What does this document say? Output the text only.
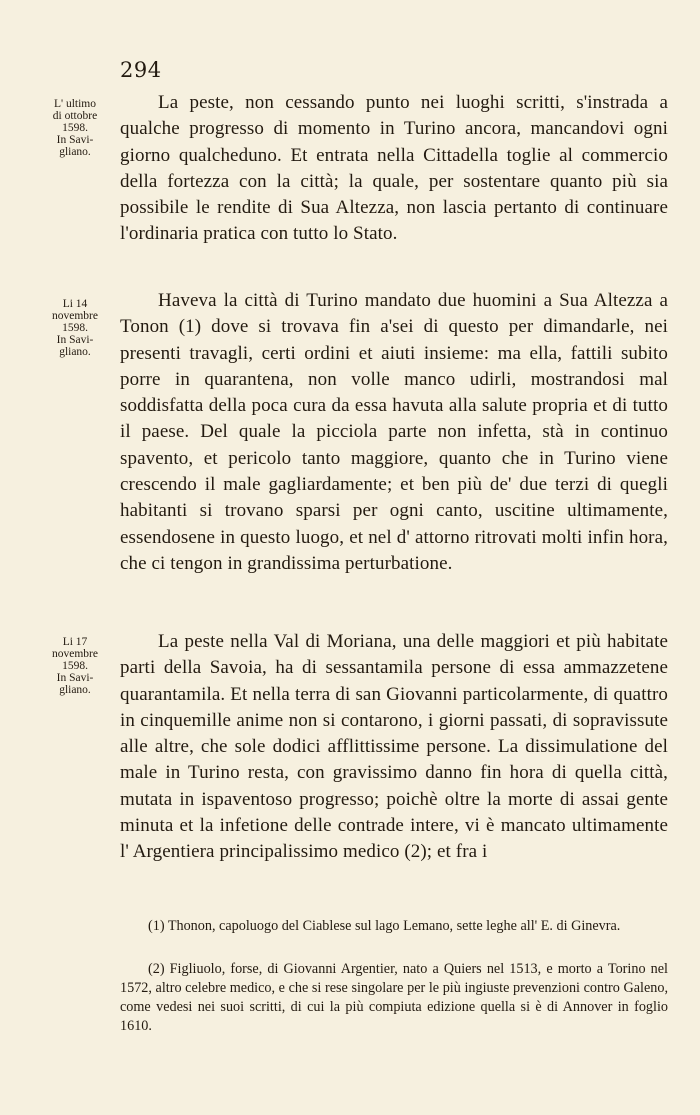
294
L' ultimo
di ottobre
1598.
In Savi-
gliano.
La peste, non cessando punto nei luoghi scritti, s'instrada a qualche progresso di momento in Turino ancora, mancandovi ogni giorno qualcheduno. Et entrata nella Cittadella toglie al commercio della fortezza con la città; la quale, per sostentare quanto più sia possibile le rendite di Sua Altezza, non lascia pertanto di continuare l'ordinaria pratica con tutto lo Stato.
Li 14
novembre
1598.
In Savi-
gliano.
Haveva la città di Turino mandato due huomini a Sua Altezza a Tonon (1) dove si trovava fin a'sei di questo per dimandarle, nei presenti travagli, certi ordini et aiuti insieme: ma ella, fattili subito porre in quarantena, non volle manco udirli, mostrandosi mal soddisfatta della poca cura da essa havuta alla salute propria et di tutto il paese. Del quale la picciola parte non infetta, stà in continuo spavento, et pericolo tanto maggiore, quanto che in Turino viene crescendo il male gagliardamente; et ben più de' due terzi di quegli habitanti si trovano sparsi per ogni canto, uscitine ultimamente, essendosene in questo luogo, et nel d' attorno ritrovati molti infin hora, che ci tengon in grandissima perturbatione.
Li 17
novembre
1598.
In Savi-
gliano.
La peste nella Val di Moriana, una delle maggiori et più habitate parti della Savoia, ha di sessantamila persone di essa ammazzetene quarantamila. Et nella terra di san Giovanni particolarmente, di quattro in cinquemille anime non si contarono, i giorni passati, di sopravissute alle altre, che sole dodici afflittissime persone. La dissimulatione del male in Turino resta, con gravissimo danno fin hora di quella città, mutata in ispaventoso progresso; poichè oltre la morte di assai gente minuta et la infetione delle contrade intere, vi è mancato ultimamente l' Argentiera principalissimo medico (2); et fra i
(1) Thonon, capoluogo del Ciablese sul lago Lemano, sette leghe all' E. di Ginevra.
(2) Figliuolo, forse, di Giovanni Argentier, nato a Quiers nel 1513, e morto a Torino nel 1572, altro celebre medico, e che si rese singolare per le più ingiuste prevenzioni contro Galeno, come vedesi nei suoi scritti, di cui la più compiuta edizione quella si è di Annover in foglio 1610.
